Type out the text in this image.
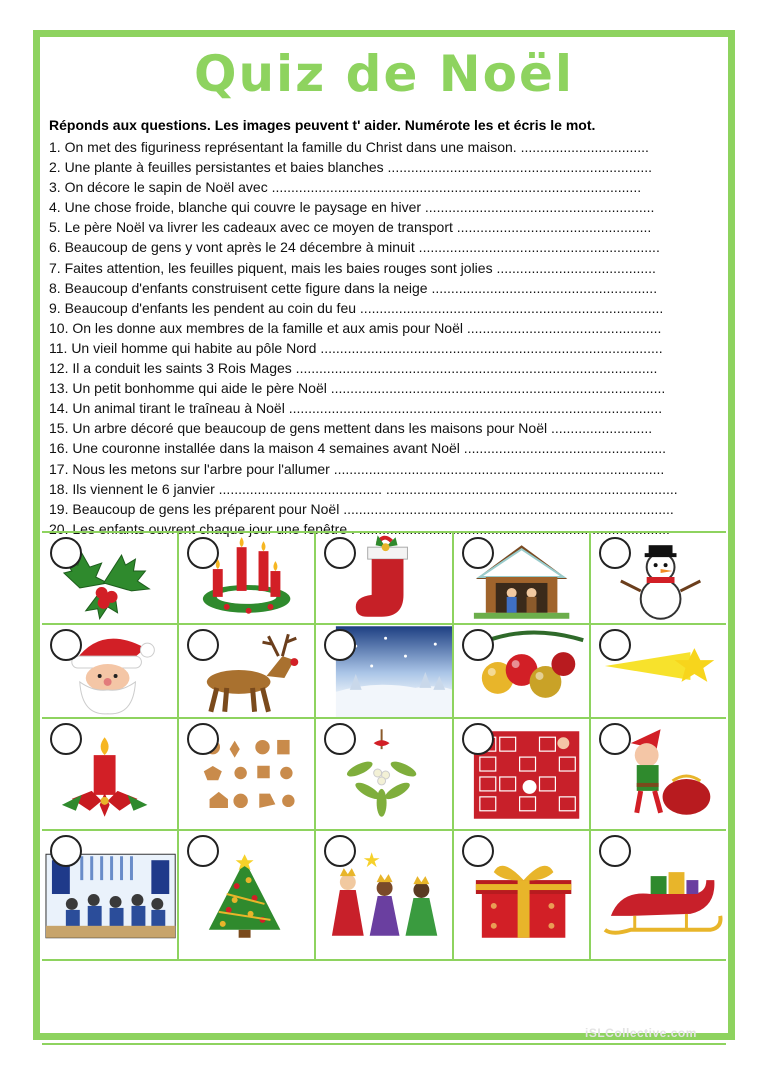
Quiz de Noël
Réponds aux questions. Les images peuvent t' aider. Numérote les et écris le mot.
1. On met des figuriness représentant la famille du Christ dans une maison. .................................
2. Une plante à feuilles persistantes et baies blanches ....................................................................
3. On décore le sapin de Noël avec ...............................................................................................
4. Une chose froide, blanche qui couvre le paysage en hiver ...........................................................
5. Le père Noël va livrer les cadeaux avec ce moyen de transport ..................................................
6. Beaucoup de gens y vont après le 24 décembre à minuit ..............................................................
7. Faites attention, les feuilles piquent, mais les baies rouges sont jolies .........................................
8. Beaucoup d'enfants construisent cette figure dans la neige ..........................................................
9. Beaucoup d'enfants les pendent au coin du feu ..............................................................................
10. On les donne aux membres de la famille et aux amis pour Noël ..................................................
11. Un vieil homme qui habite au pôle Nord ........................................................................................
12. Il a conduit les saints 3 Rois Mages .............................................................................................
13. Un petit bonhomme qui aide le père Noël ......................................................................................
14. Un animal tirant le traîneau à Noël ................................................................................................
15. Un arbre décoré que beaucoup de gens mettent dans les maisons pour Noël ..........................
16. Une couronne installée dans la maison 4 semaines avant Noël ....................................................
17. Nous les metons sur l'arbre pour l'allumer .....................................................................................
18. Ils viennent le 6 janvier .......................................... ...........................................................................
19. Beaucoup de gens les préparent pour Noël .....................................................................................
20. Les enfants ouvrent chaque jour une fenêtre . ................................................................................
iSLCollective.com
